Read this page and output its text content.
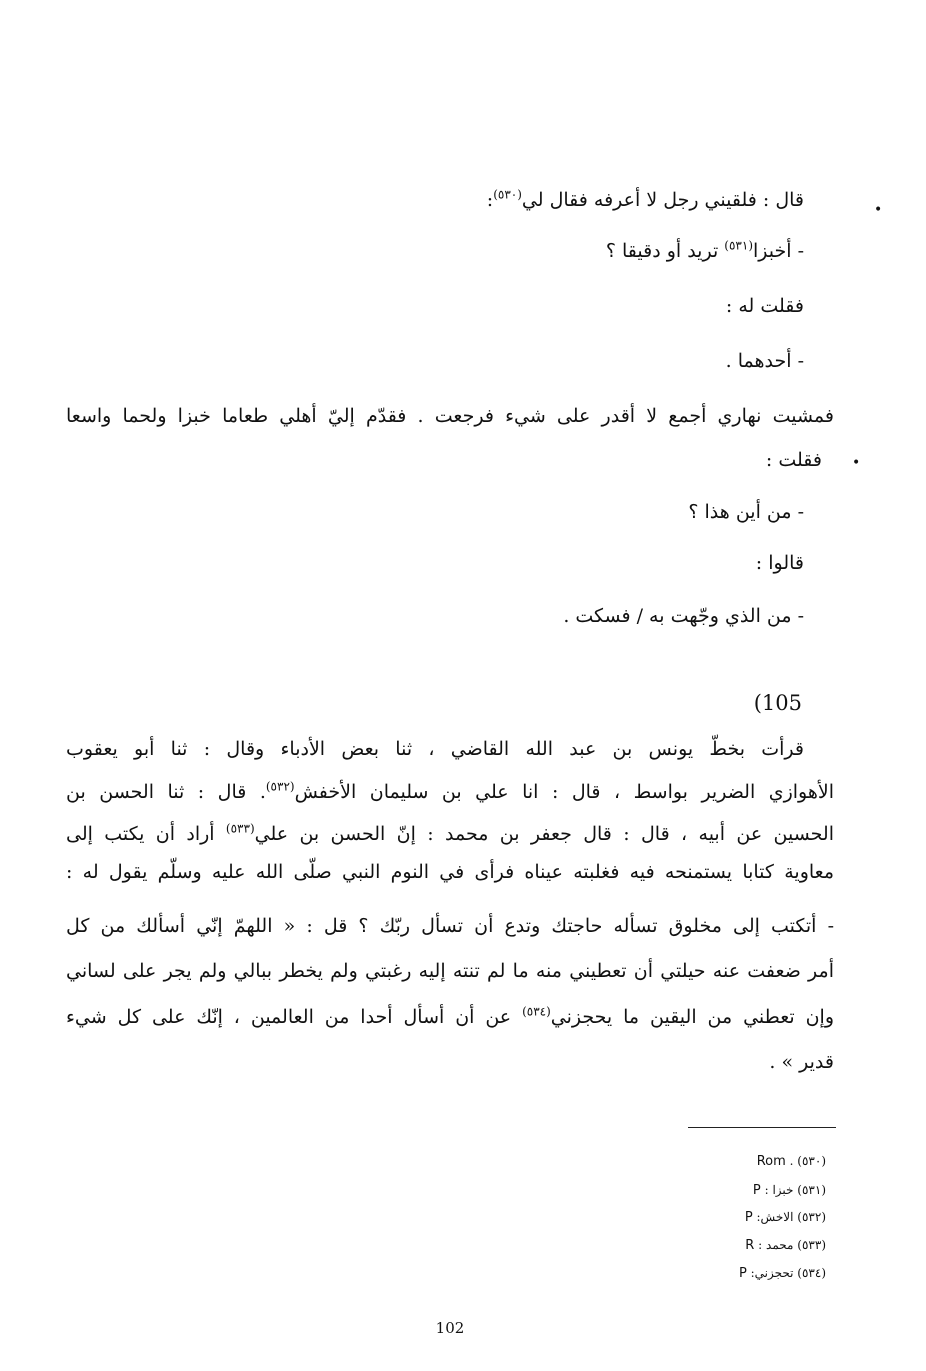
•
•
قال : فلقيني رجل لا أعرفه فقال لي$^{(٥٣٠)}$:
- أخبزا$^{(٥٣١)}$ تريد أو دقيقا ؟
فقلت له :
- أحدهما .
فمشيت نهاري أجمع لا أقدر على شيء فرجعت . فقدّم إليّ أهلي طعاما خبزا ولحما واسعا
فقلت :
- من أين هذا ؟
قالوا :
- من الذي وجّهت به / فسكت .
(105
قرأت بخطّ يونس بن عبد الله القاضي ، ثنا بعض الأدباء وقال : ثنا أبو يعقوب
الأهوازي الضرير بواسط ، قال : انا علي بن سليمان الأخفش$^{(٥٣٢)}$. قال : ثنا الحسن بن
الحسين عن أبيه ، قال : قال جعفر بن محمد : إنّ الحسن بن علي$^{(٥٣٣)}$ أراد أن يكتب إلى
معاوية كتابا يستمنحه فيه فغلبته عيناه فرأى في النوم النبي صلّى الله عليه وسلّم يقول له :
- أتكتب إلى مخلوق تسأله حاجتك وتدع أن تسأل ربّك ؟ قل : « اللهمّ إنّي أسألك من كل
أمر ضعفت عنه حيلتي أن تعطيني منه ما لم تنته إليه رغبتي ولم يخطر ببالي ولم يجر على لساني
وإن تعطني من اليقين ما يحجزني$^{(٥٣٤)}$ عن أن أسأل أحدا من العالمين ، إنّك على كل شيء
قدير » .
(٥٣٠) . Rom
(٥٣١) خبزا : P
(٥٣٢) الاخش: P
(٥٣٣) محمد : R
(٥٣٤) تحجزني: P
102
